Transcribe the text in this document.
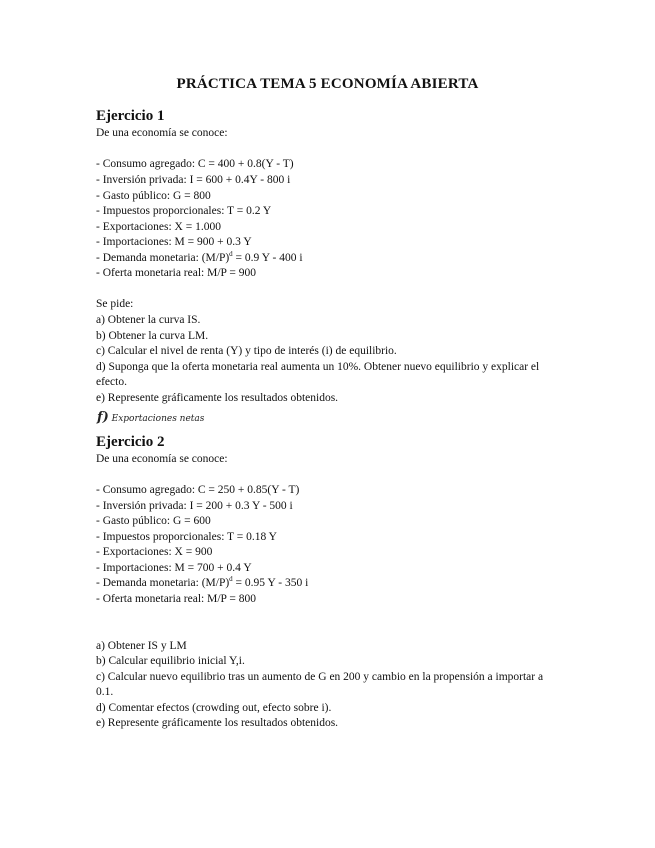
PRÁCTICA TEMA 5 ECONOMÍA ABIERTA
Ejercicio 1
De una economía se conoce:
- Consumo agregado: C = 400 + 0.8(Y - T)
- Inversión privada: I = 600 + 0.4Y - 800 i
- Gasto público: G = 800
- Impuestos proporcionales: T = 0.2 Y
- Exportaciones: X = 1.000
- Importaciones: M = 900 + 0.3 Y
- Demanda monetaria: $(M/P)^d = 0.9$ Y - 400 i
- Oferta monetaria real: M/P = 900
Se pide:
a) Obtener la curva IS.
b) Obtener la curva LM.
c) Calcular el nivel de renta (Y) y tipo de interés (i) de equilibrio.
d) Suponga que la oferta monetaria real aumenta un 10%. Obtener nuevo equilibrio y explicar el
efecto.
e) Represente gráficamente los resultados obtenidos.
f) Exportaciones netas
Ejercicio 2
De una economía se conoce:
- Consumo agregado: C = 250 + 0.85(Y - T)
- Inversión privada: I = 200 + 0.3 Y - 500 i
- Gasto público: G = 600
- Impuestos proporcionales: T = 0.18 Y
- Exportaciones: X = 900
- Importaciones: M = 700 + 0.4 Y
- Demanda monetaria: $(M/P)^d = 0.95$ Y - 350 i
- Oferta monetaria real: M/P = 800
a) Obtener IS y LM
b) Calcular equilibrio inicial Y,i.
c) Calcular nuevo equilibrio tras un aumento de G en 200 y cambio en la propensión a importar a
0.1.
d) Comentar efectos (crowding out, efecto sobre i).
e) Represente gráficamente los resultados obtenidos.
